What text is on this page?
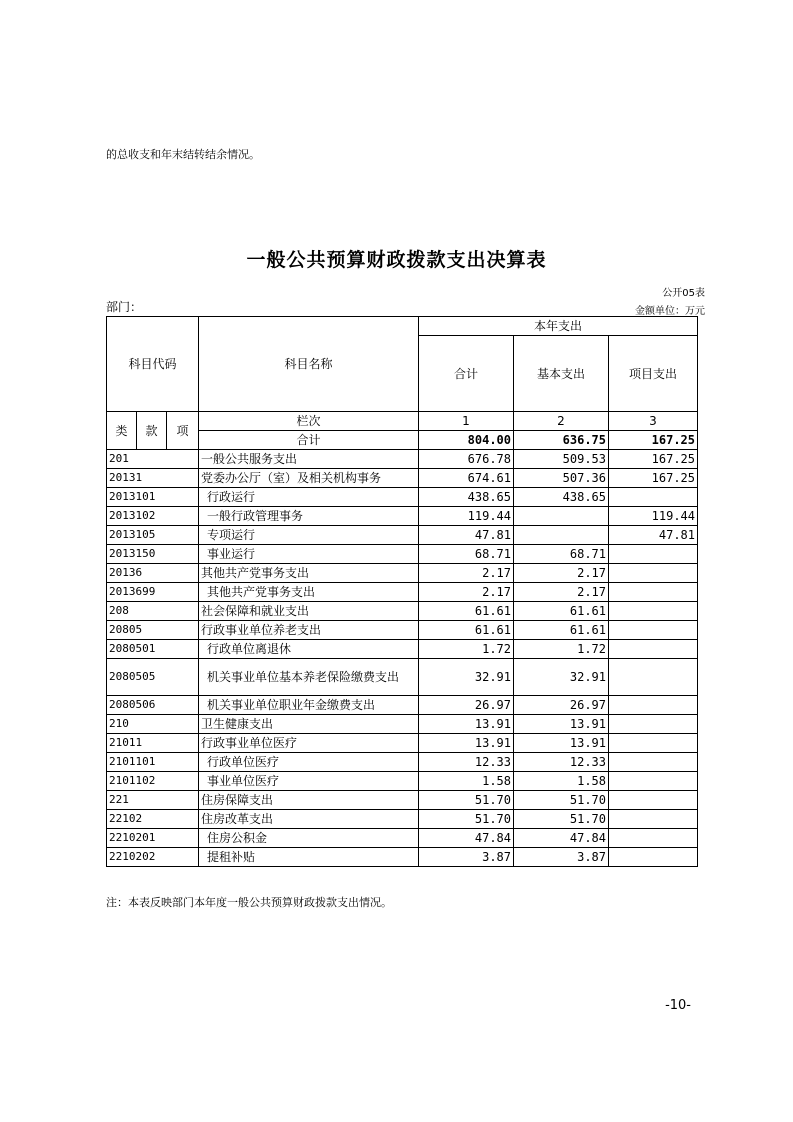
的总收支和年末结转结余情况。
一般公共预算财政拨款支出决算表
公开05表
部门：	金额单位：万元
科目代码			科目名称	本年支出		
				合计	基本支出	项目支出
类	款	项	栏次	1	2	3
			合计	804.00	636.75	167.25
201			一般公共服务支出	676.78	509.53	167.25
20131			党委办公厅（室）及相关机构事务	674.61	507.36	167.25
2013101			行政运行	438.65	438.65	
2013102			一般行政管理事务	119.44		119.44
2013105			专项运行	47.81		47.81
2013150			事业运行	68.71	68.71	
20136			其他共产党事务支出	2.17	2.17	
2013699			其他共产党事务支出	2.17	2.17	
208			社会保障和就业支出	61.61	61.61	
20805			行政事业单位养老支出	61.61	61.61	
2080501			行政单位离退休	1.72	1.72	
2080505			机关事业单位基本养老保险缴费支出	32.91	32.91	
2080506			机关事业单位职业年金缴费支出	26.97	26.97	
210			卫生健康支出	13.91	13.91	
21011			行政事业单位医疗	13.91	13.91	
2101101			行政单位医疗	12.33	12.33	
2101102			事业单位医疗	1.58	1.58	
221			住房保障支出	51.70	51.70	
22102			住房改革支出	51.70	51.70	
2210201			住房公积金	47.84	47.84	
2210202			提租补贴	3.87	3.87	
注：本表反映部门本年度一般公共预算财政拨款支出情况。
-10-
